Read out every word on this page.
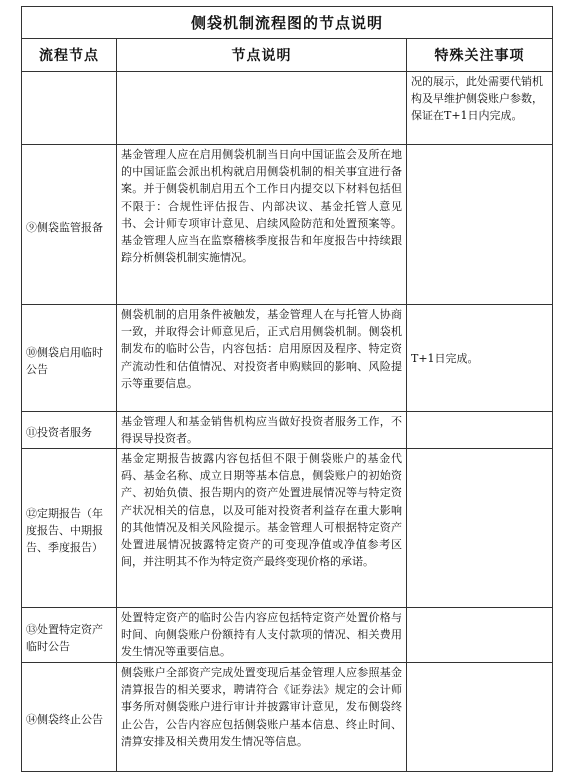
侧袋机制流程图的节点说明		
流程节点	节点说明	特殊关注事项
		况的展示，此处需要代销机构及早维护侧袋账户参数，保证在T+1日内完成。
⑨侧袋监管报备	基金管理人应在启用侧袋机制当日向中国证监会及所在地的中国证监会派出机构就启用侧袋机制的相关事宜进行备案。并于侧袋机制启用五个工作日内提交以下材料包括但不限于：合规性评估报告、内部决议、基金托管人意见书、会计师专项审计意见、启续风险防范和处置预案等。基金管理人应当在监察稽核季度报告和年度报告中持续跟踪分析侧袋机制实施情况。	
⑩侧袋启用临时公告	侧袋机制的启用条件被触发，基金管理人在与托管人协商一致，并取得会计师意见后，正式启用侧袋机制。侧袋机制发布的临时公告，内容包括：启用原因及程序、特定资产流动性和估值情况、对投资者申购赎回的影响、风险提示等重要信息。	T+1日完成。
⑪投资者服务	基金管理人和基金销售机构应当做好投资者服务工作，不得误导投资者。	
⑫定期报告（年度报告、中期报告、季度报告）	基金定期报告披露内容包括但不限于侧袋账户的基金代码、基金名称、成立日期等基本信息，侧袋账户的初始资产、初始负债、报告期内的资产处置进展情况等与特定资产状况相关的信息，以及可能对投资者利益存在重大影响的其他情况及相关风险提示。基金管理人可根据特定资产处置进展情况披露特定资产的可变现净值或净值参考区间，并注明其不作为特定资产最终变现价格的承诺。	
⑬处置特定资产临时公告	处置特定资产的临时公告内容应包括特定资产处置价格与时间、向侧袋账户份额持有人支付款项的情况、相关费用发生情况等重要信息。	
⑭侧袋终止公告	侧袋账户全部资产完成处置变现后基金管理人应参照基金清算报告的相关要求，聘请符合《证券法》规定的会计师事务所对侧袋账户进行审计并披露审计意见，发布侧袋终止公告，公告内容应包括侧袋账户基本信息、终止时间、清算安排及相关费用发生情况等信息。	
